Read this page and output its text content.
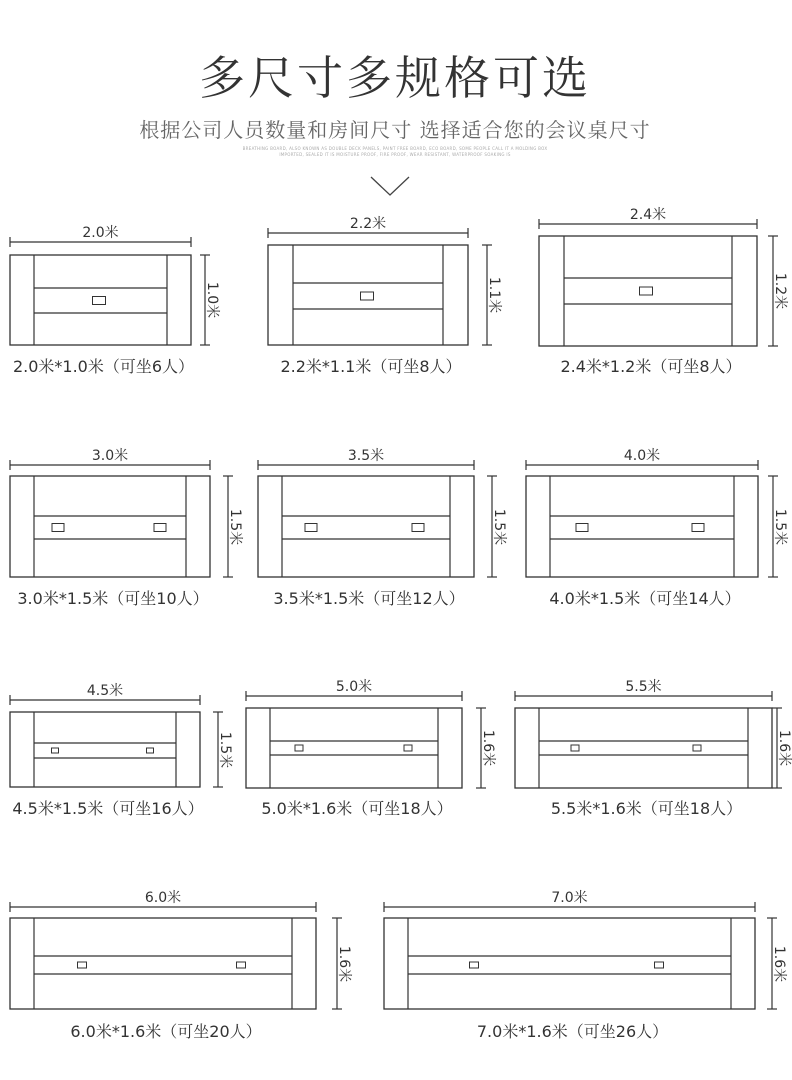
多尺寸多规格可选
根据公司人员数量和房间尺寸 选择适合您的会议桌尺寸
BREATHING BOARD, ALSO KNOWN AS DOUBLE DECK PANELS, PAINT FREE BOARD, ECO BOARD, SOME PEOPLE CALL IT A MOLDING BOX
IMPORTED, SEALED IT IS MOISTURE PROOF, FIRE PROOF, WEAR RESISTANT, WATERPROOF SOAKING IS
2.0米
1.0米
2.0米*1.0米（可坐6人）
2.2米
1.1米
2.2米*1.1米（可坐8人）
2.4米
1.2米
2.4米*1.2米（可坐8人）
3.0米
1.5米
3.0米*1.5米（可坐10人）
3.5米
1.5米
3.5米*1.5米（可坐12人）
4.0米
1.5米
4.0米*1.5米（可坐14人）
4.5米
1.5米
4.5米*1.5米（可坐16人）
5.0米
1.6米
5.0米*1.6米（可坐18人）
5.5米
1.6米
5.5米*1.6米（可坐18人）
6.0米
1.6米
6.0米*1.6米（可坐20人）
7.0米
1.6米
7.0米*1.6米（可坐26人）
